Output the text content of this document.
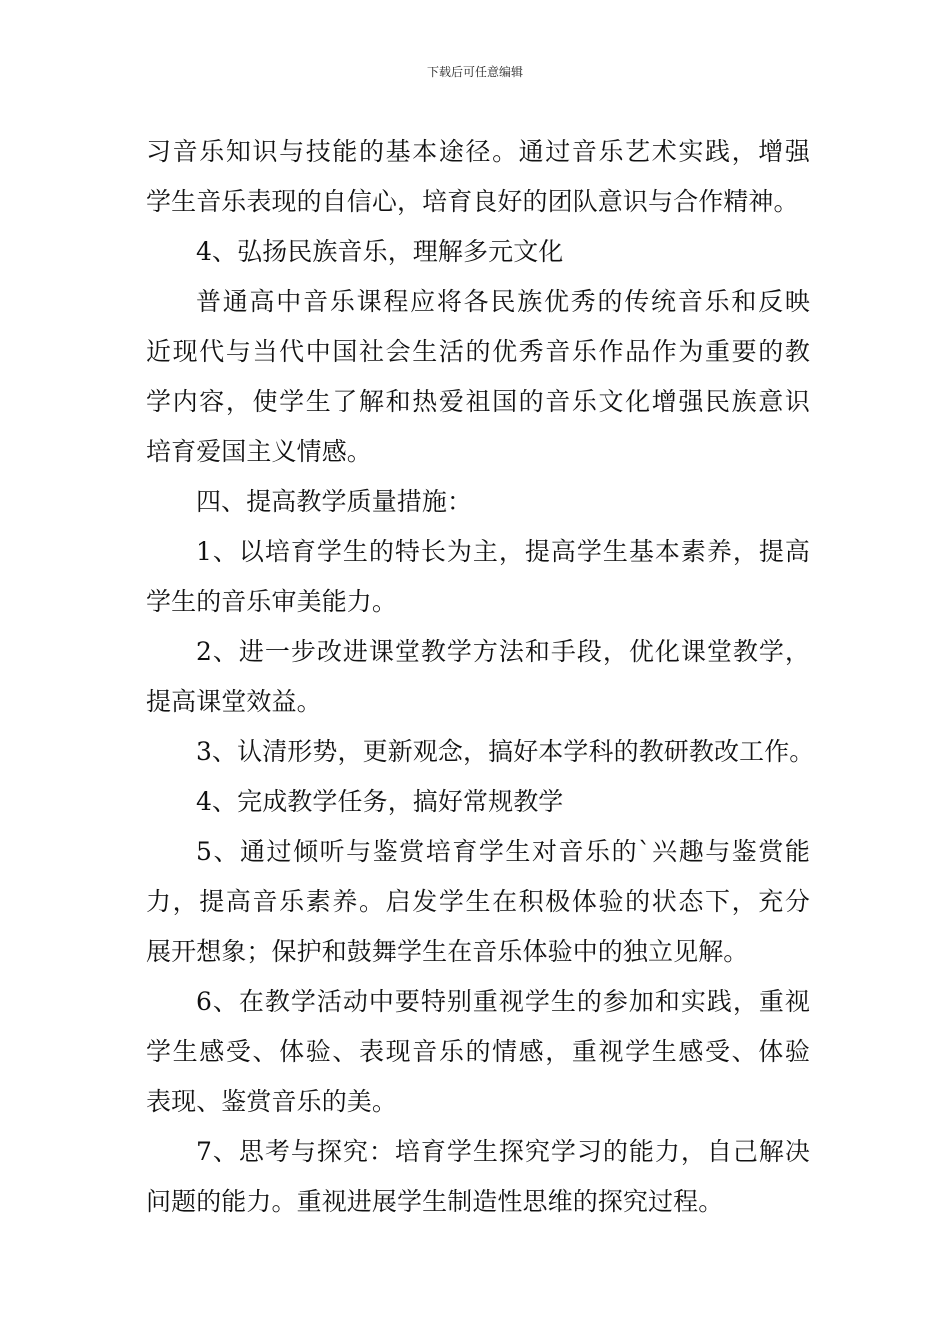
下载后可任意编辑
习音乐知识与技能的基本途径。通过音乐艺术实践，增强
学生音乐表现的自信心，培育良好的团队意识与合作精神。
4、弘扬民族音乐，理解多元文化
普通高中音乐课程应将各民族优秀的传统音乐和反映
近现代与当代中国社会生活的优秀音乐作品作为重要的教
学内容，使学生了解和热爱祖国的音乐文化增强民族意识
培育爱国主义情感。
四、提高教学质量措施：
1、以培育学生的特长为主，提高学生基本素养，提高
学生的音乐审美能力。
2、进一步改进课堂教学方法和手段，优化课堂教学，
提高课堂效益。
3、认清形势，更新观念，搞好本学科的教研教改工作。
4、完成教学任务，搞好常规教学
5、通过倾听与鉴赏培育学生对音乐的`兴趣与鉴赏能
力，提高音乐素养。启发学生在积极体验的状态下，充分
展开想象；保护和鼓舞学生在音乐体验中的独立见解。
6、在教学活动中要特别重视学生的参加和实践，重视
学生感受、体验、表现音乐的情感，重视学生感受、体验
表现、鉴赏音乐的美。
7、思考与探究：培育学生探究学习的能力，自己解决
问题的能力。重视进展学生制造性思维的探究过程。
